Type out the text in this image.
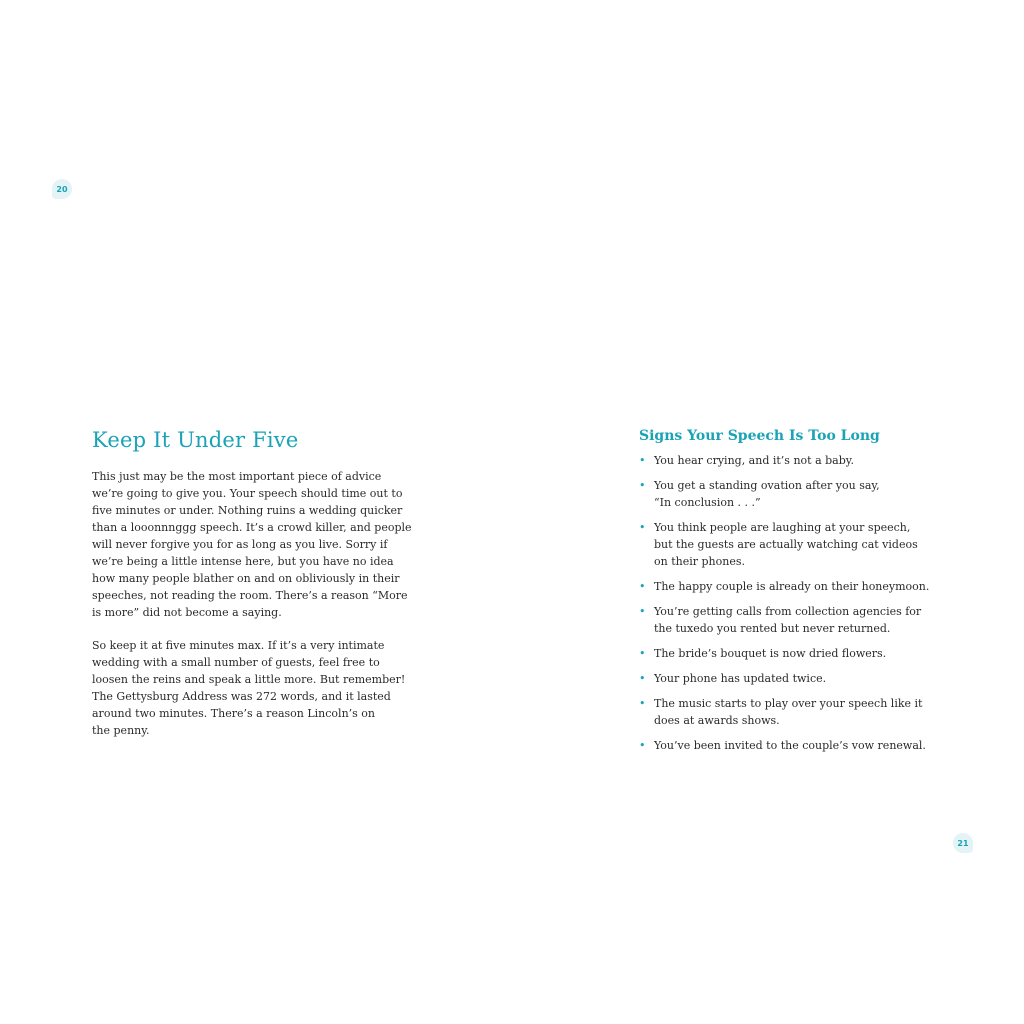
20
Keep It Under Five

This just may be the most important piece of advice
we’re going to give you. Your speech should time out to
five minutes or under. Nothing ruins a wedding quicker
than a looonnnggg speech. It’s a crowd killer, and people
will never forgive you for as long as you live. Sorry if
we’re being a little intense here, but you have no idea
how many people blather on and on obliviously in their
speeches, not reading the room. There’s a reason “More
is more” did not become a saying.

So keep it at five minutes max. If it’s a very intimate
wedding with a small number of guests, feel free to
loosen the reins and speak a little more. But remember!
The Gettysburg Address was 272 words, and it lasted
around two minutes. There’s a reason Lincoln’s on
the penny.

Signs Your Speech Is Too Long
• You hear crying, and it’s not a baby.
• You get a standing ovation after you say,
“In conclusion . . .”
• You think people are laughing at your speech,
but the guests are actually watching cat videos
on their phones.
• The happy couple is already on their honeymoon.
• You’re getting calls from collection agencies for
the tuxedo you rented but never returned.
• The bride’s bouquet is now dried flowers.
• Your phone has updated twice.
• The music starts to play over your speech like it
does at awards shows.
• You’ve been invited to the couple’s vow renewal.
21
